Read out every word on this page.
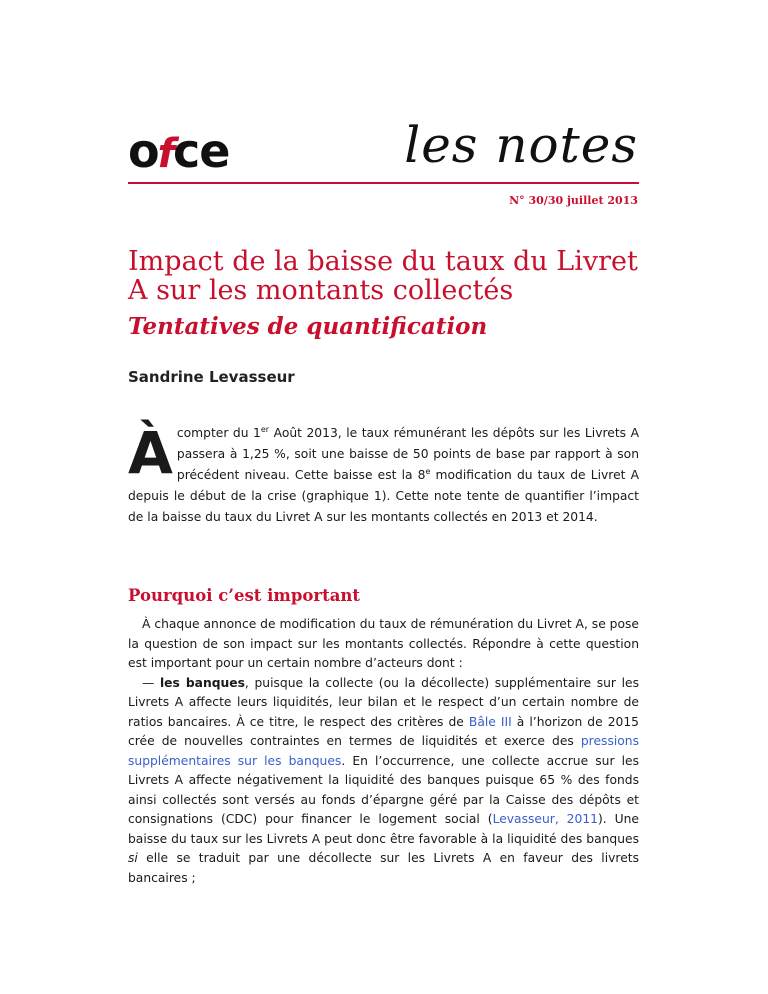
ofce	les notes
N° 30/30 juillet 2013
Impact de la baisse du taux du Livret A sur les montants collectés
Tentatives de quantification
Sandrine Levasseur

À compter du 1er Août 2013, le taux rémunérant les dépôts sur les Livrets A passera à 1,25 %, soit une baisse de 50 points de base par rapport à son précédent niveau. Cette baisse est la 8e modification du taux de Livret A depuis le début de la crise (graphique 1). Cette note tente de quantifier l’impact de la baisse du taux du Livret A sur les montants collectés en 2013 et 2014.

Pourquoi c’est important

À chaque annonce de modification du taux de rémunération du Livret A, se pose la question de son impact sur les montants collectés. Répondre à cette question est important pour un certain nombre d’acteurs dont :

— les banques, puisque la collecte (ou la décollecte) supplémentaire sur les Livrets A affecte leurs liquidités, leur bilan et le respect d’un certain nombre de ratios bancaires. À ce titre, le respect des critères de Bâle III à l’horizon de 2015 crée de nouvelles contraintes en termes de liquidités et exerce des pressions supplémentaires sur les banques. En l’occurrence, une collecte accrue sur les Livrets A affecte négativement la liquidité des banques puisque 65 % des fonds ainsi collectés sont versés au fonds d’épargne géré par la Caisse des dépôts et consignations (CDC) pour financer le logement social (Levasseur, 2011). Une baisse du taux sur les Livrets A peut donc être favorable à la liquidité des banques si elle se traduit par une décollecte sur les Livrets A en faveur des livrets bancaires ;
